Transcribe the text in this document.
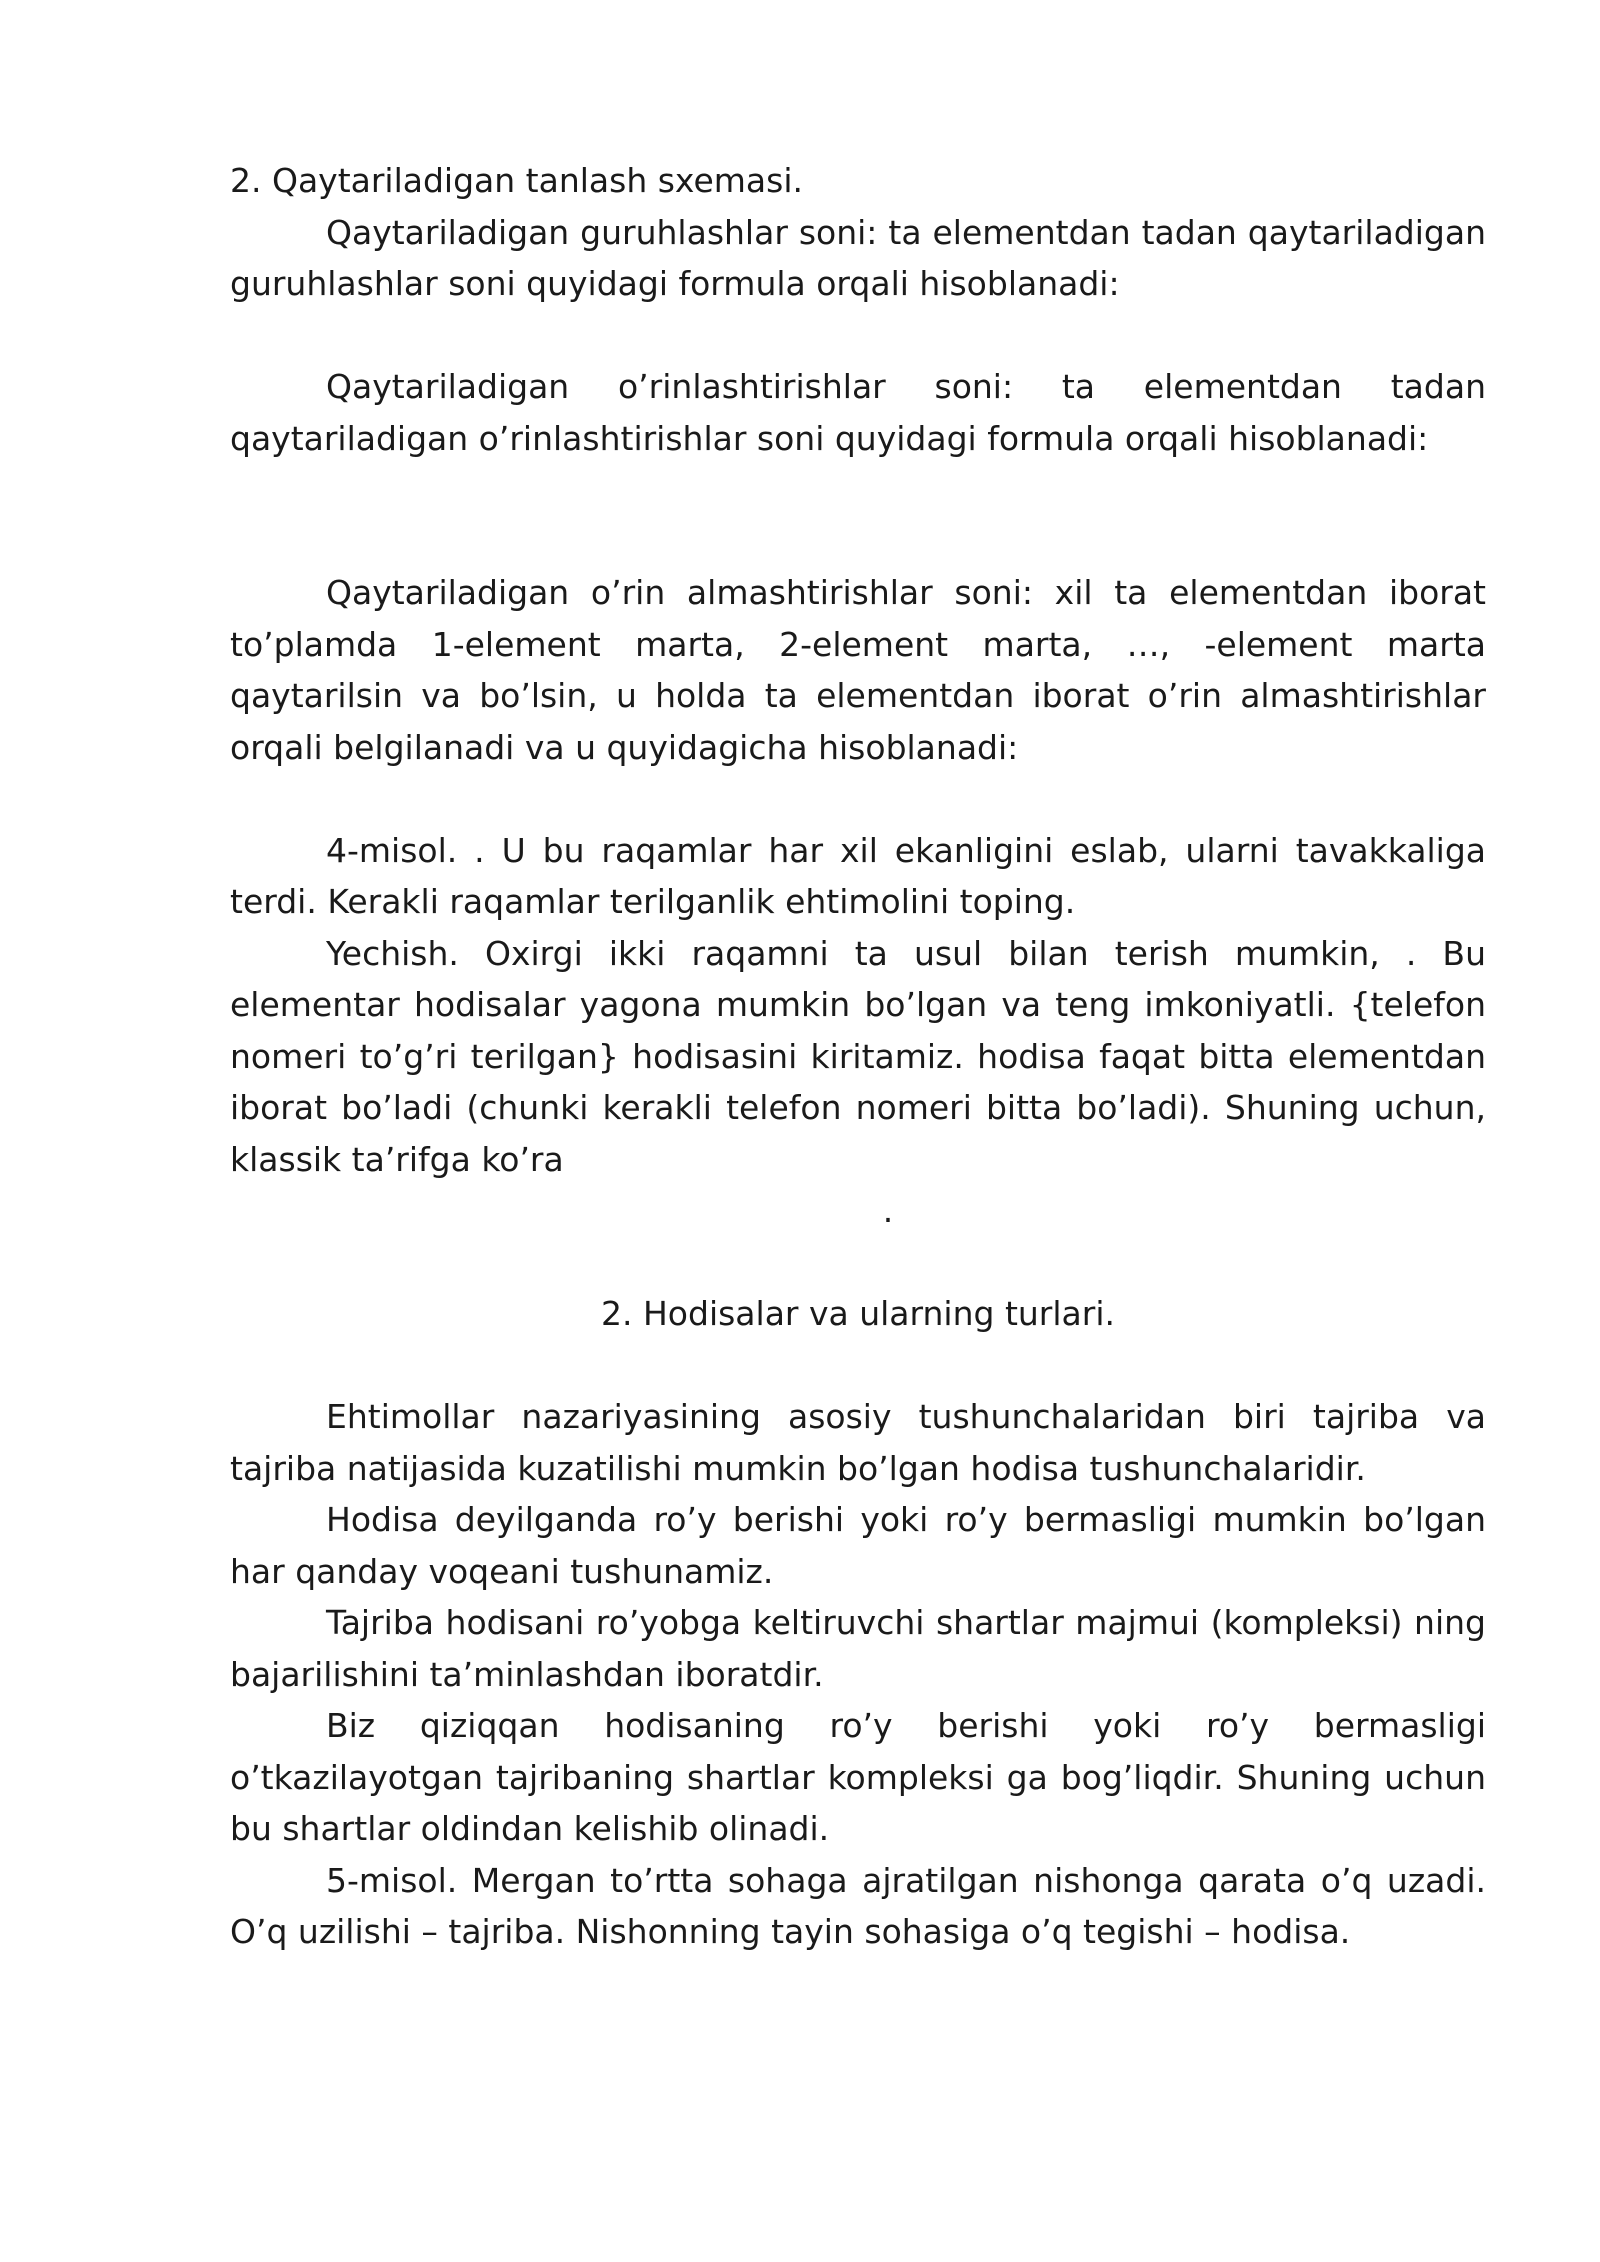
2. Qaytariladigan tanlash sxemasi.

Qaytariladigan guruhlashlar soni: ta elementdan tadan qaytariladigan guruhlashlar soni quyidagi formula orqali hisoblanadi:

Qaytariladigan o’rinlashtirishlar soni: ta elementdan tadan qaytariladigan o’rinlashtirishlar soni quyidagi formula orqali hisoblanadi:

Qaytariladigan o’rin almashtirishlar soni: xil ta elementdan iborat to’plamda 1-element marta, 2-element marta, …, -element marta qaytarilsin va bo’lsin, u holda ta elementdan iborat o’rin almashtirishlar orqali belgilanadi va u quyidagicha hisoblanadi:

4-misol. . U bu raqamlar har xil ekanligini eslab, ularni tavakkaliga terdi. Kerakli raqamlar terilganlik ehtimolini toping.

Yechish. Oxirgi ikki raqamni ta usul bilan terish mumkin, . Bu elementar hodisalar yagona mumkin bo’lgan va teng imkoniyatli. {telefon nomeri to’g’ri terilgan} hodisasini kiritamiz. hodisa faqat bitta elementdan iborat bo’ladi (chunki kerakli telefon nomeri bitta bo’ladi). Shuning uchun, klassik ta’rifga ko’ra

.

2. Hodisalar va ularning turlari.

Ehtimollar nazariyasining asosiy tushunchalaridan biri tajriba va tajriba natijasida kuzatilishi mumkin bo’lgan hodisa tushunchalaridir.

Hodisa deyilganda ro’y berishi yoki ro’y bermasligi mumkin bo’lgan har qanday voqeani tushunamiz.

Tajriba hodisani ro’yobga keltiruvchi shartlar majmui (kompleksi) ning bajarilishini ta’minlashdan iboratdir.

Biz qiziqqan hodisaning ro’y berishi yoki ro’y bermasligi o’tkazilayotgan tajribaning shartlar kompleksi ga bog’liqdir. Shuning uchun bu shartlar oldindan kelishib olinadi.

5-misol. Mergan to’rtta sohaga ajratilgan nishonga qarata o’q uzadi. O’q uzilishi – tajriba. Nishonning tayin sohasiga o’q tegishi – hodisa.
